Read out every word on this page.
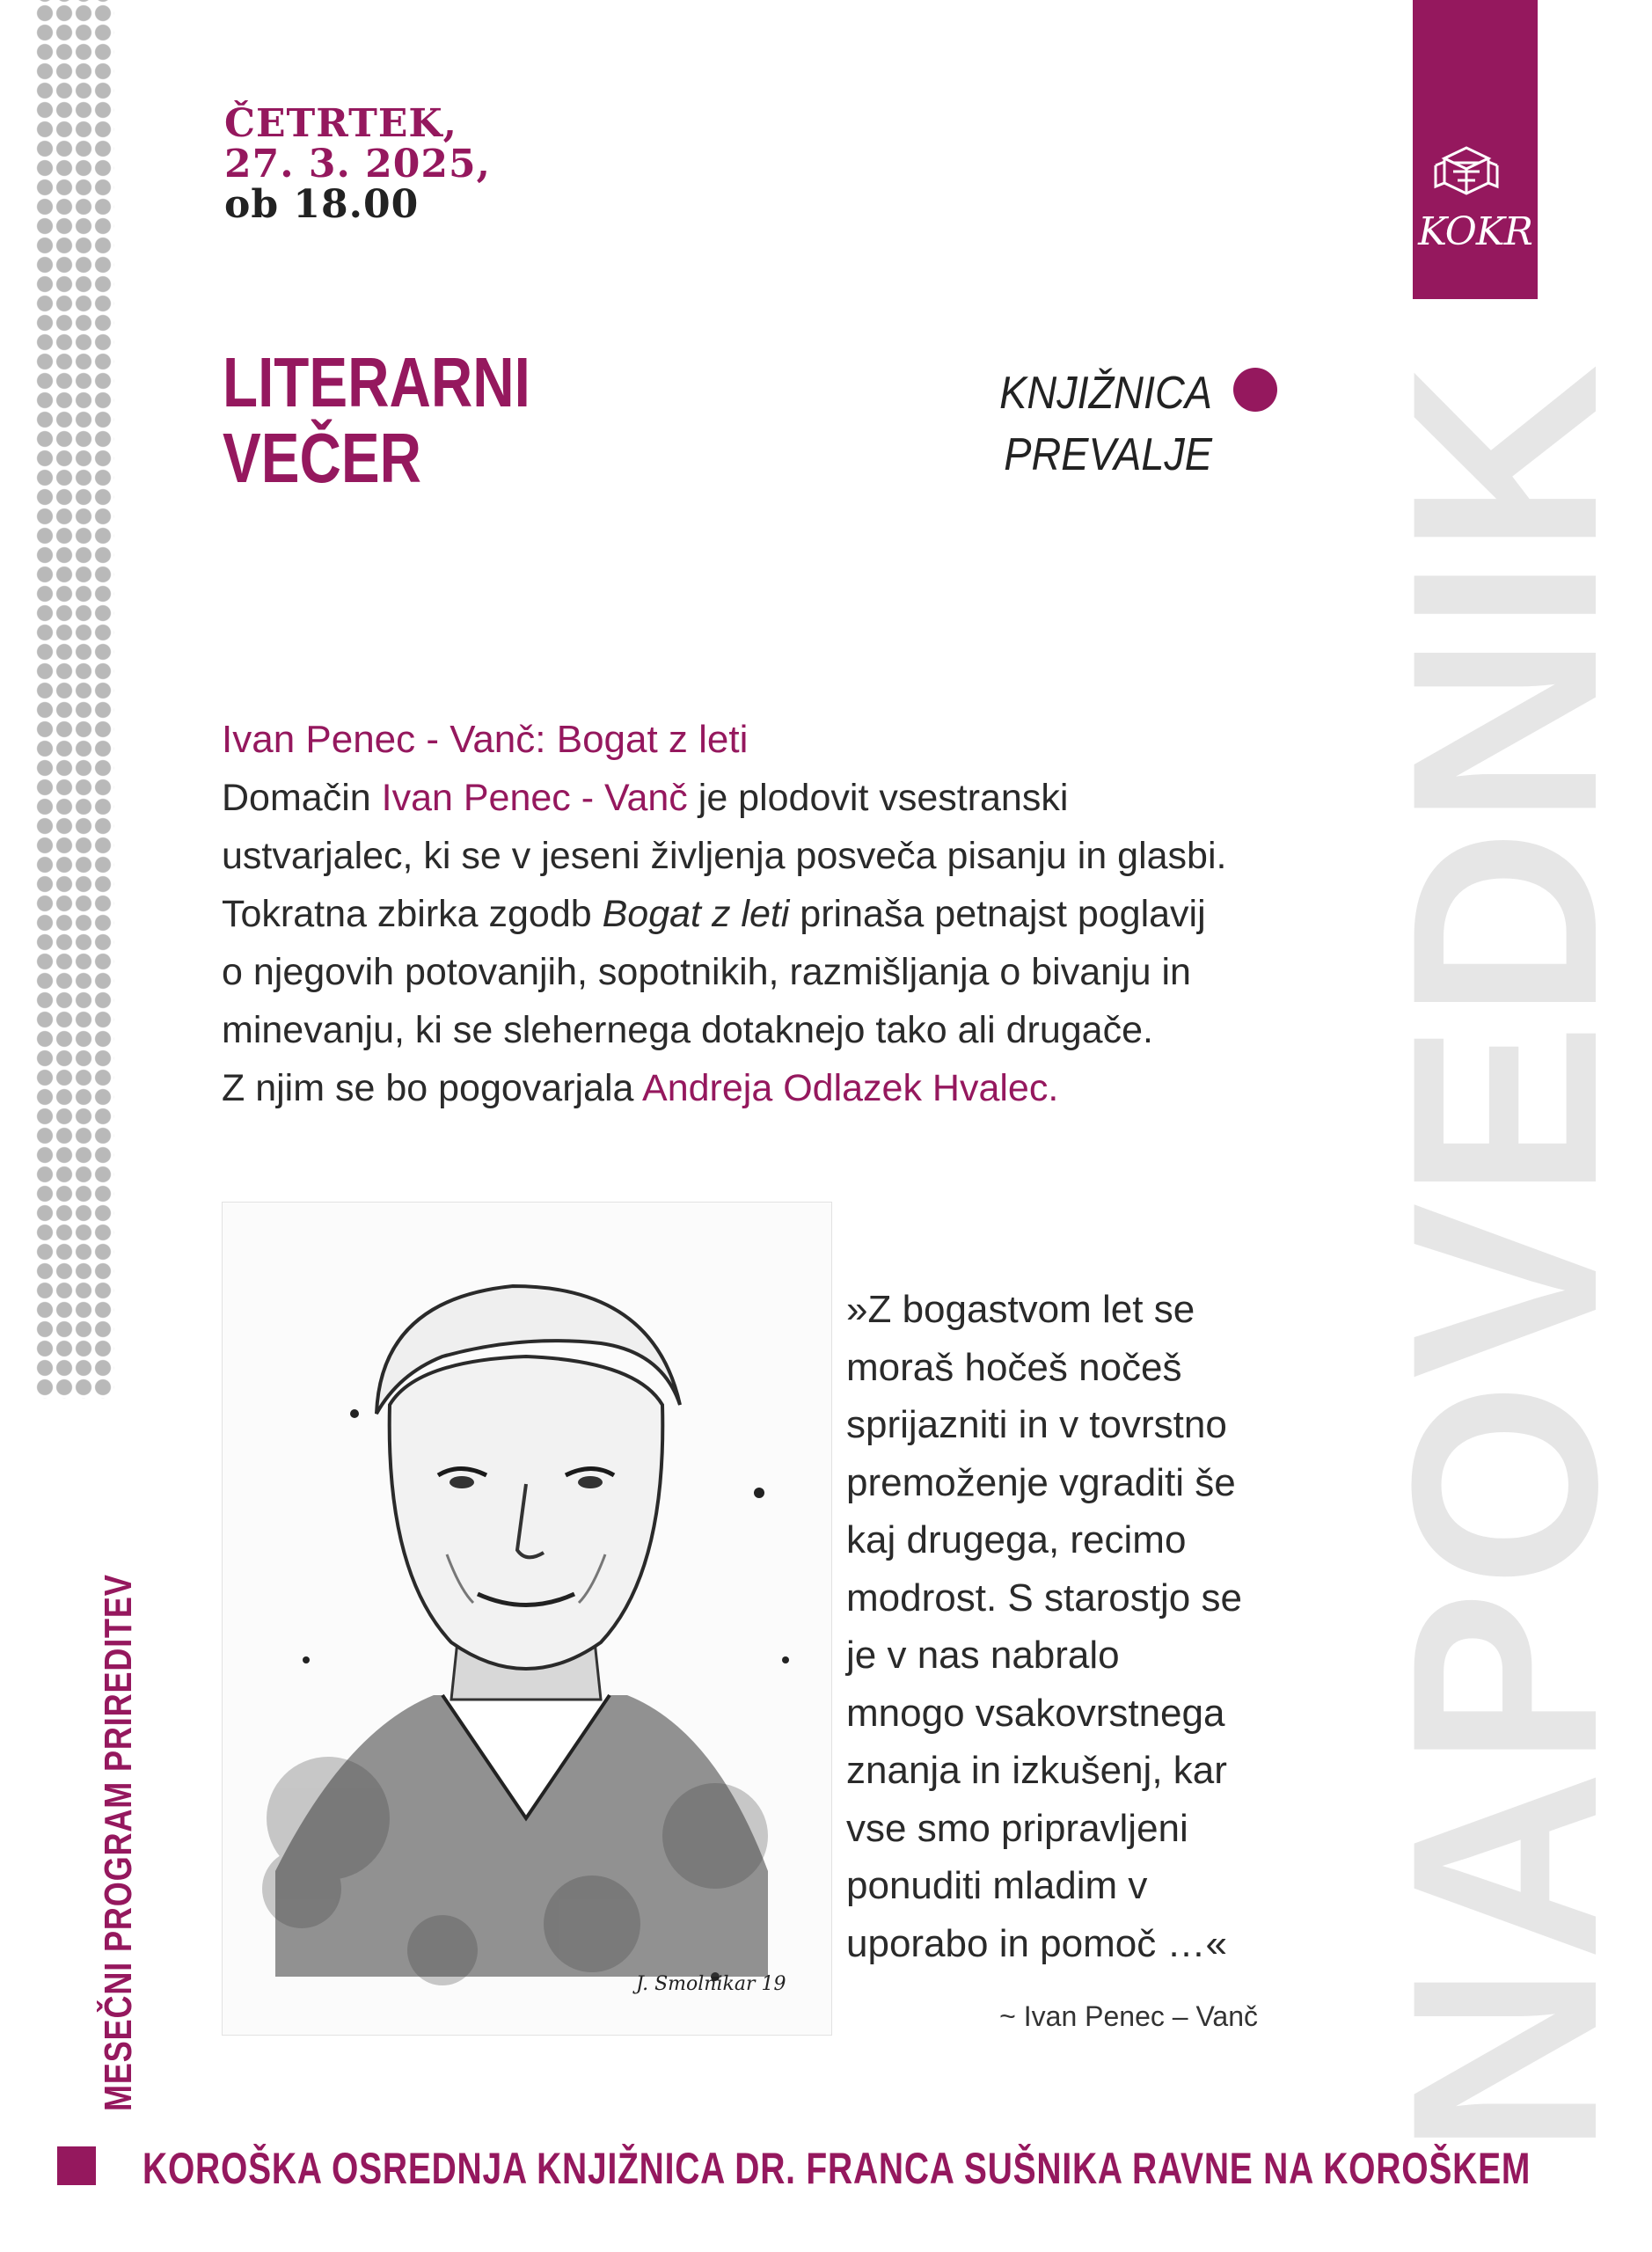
NAPOVEDNIK
MESEČNI PROGRAM PRIREDITEV
KOKR
ČETRTEK,
27. 3. 2025,
ob 18.00
LITERARNI
VEČER
KNJIŽNICA
PREVALJE

Ivan Penec - Vanč: Bogat z leti

Domačin Ivan Penec - Vanč je plodovit vsestranski
ustvarjalec, ki se v jeseni življenja posveča pisanju in glasbi.
Tokratna zbirka zgodb Bogat z leti prinaša petnajst poglavij
o njegovih potovanjih, sopotnikih, razmišljanja o bivanju in
minevanju, ki se slehernega dotaknejo tako ali drugače.
Z njim se bo pogovarjala Andreja Odlazek Hvalec.

J. Smolnikar 19
»Z bogastvom let se
moraš hočeš nočeš
sprijazniti in v tovrstno
premoženje vgraditi še
kaj drugega, recimo
modrost. S starostjo se
je v nas nabralo
mnogo vsakovrstnega
znanja in izkušenj, kar
vse smo pripravljeni
ponuditi mladim v
uporabo in pomoč …«
~ Ivan Penec – Vanč
KOROŠKA OSREDNJA KNJIŽNICA DR. FRANCA SUŠNIKA RAVNE NA KOROŠKEM
